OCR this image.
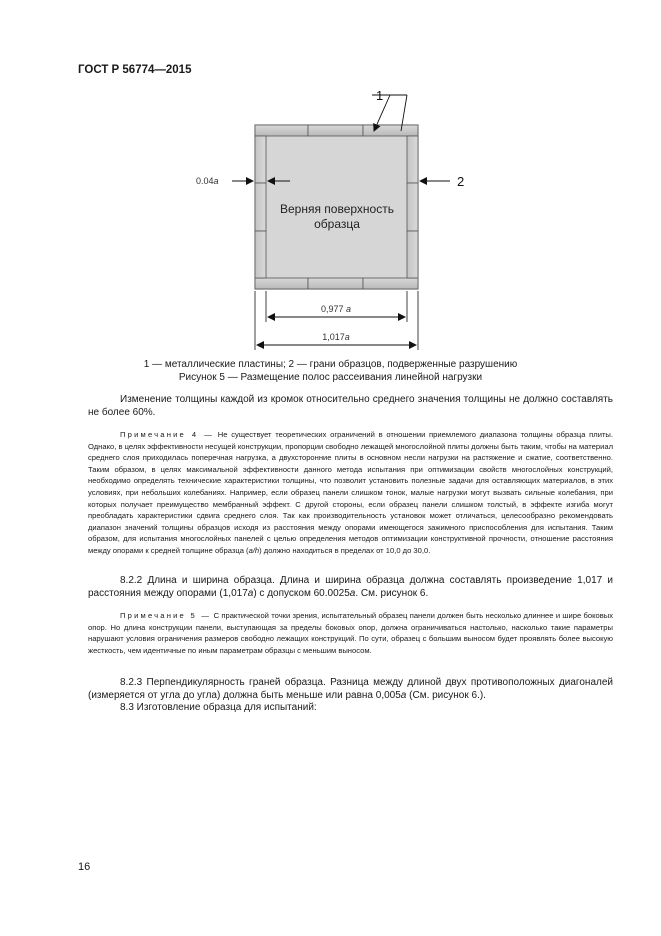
ГОСТ Р 56774—2015
Верняя поверхность
образца
1
2
0.04a
0,977 a
1,017a
1 — металлические пластины; 2 — грани образцов, подверженные разрушению
Рисунок 5 — Размещение полос рассеивания линейной нагрузки
Изменение толщины каждой из кромок относительно среднего значения толщины не должно составлять не более 60%.
Примечание 4 — Не существует теоретических ограничений в отношении приемлемого диапазона толщины образца плиты. Однако, в целях эффективности несущей конструкции, пропорции свободно лежащей многослойной плиты должны быть таким, чтобы на материал среднего слоя приходилась поперечная нагрузка, а двухсторонние плиты в основном несли нагрузки на растяжение и сжатие, соответственно. Таким образом, в целях максимальной эффективности данного метода испытания при оптимизации свойств многослойных конструкций, необходимо определять технические характеристики толщины, что позволит установить полезные задачи для оставляющих материалов, в этих условиях, при небольших колебаниях. Например, если образец панели слишком тонок, малые нагрузки могут вызвать сильные колебания, при которых получает преимущество мембранный эффект. С другой стороны, если образец панели слишком толстый, в эффекте изгиба могут преобладать характеристики сдвига среднего слоя. Так как производительность установок может отличаться, целесообразно рекомендовать диапазон значений толщины образцов исходя из расстояния между опорами имеющегося зажимного приспособления для испытания. Таким образом, для испытания многослойных панелей с целью определения методов оптимизации конструктивной прочности, отношение расстояния между опорами к средней толщине образца (a/h) должно находиться в пределах от 10,0 до 30,0.
8.2.2 Длина и ширина образца. Длина и ширина образца должна составлять произведение 1,017 и расстояния между опорами (1,017a) с допуском 60.0025a. См. рисунок 6.
Примечание 5 — С практической точки зрения, испытательный образец панели должен быть несколько длиннее и шире боковых опор. Но длина конструкции панели, выступающая за пределы боковых опор, должна ограничиваться настолько, насколько такие параметры нарушают условия ограничения размеров свободно лежащих конструкций. По сути, образец с большим выносом будет проявлять более высокую жесткость, чем идентичные по иным параметрам образцы с меньшим выносом.
8.2.3 Перпендикулярность граней образца. Разница между длиной двух противоположных диагоналей (измеряется от угла до угла) должна быть меньше или равна 0,005a (См. рисунок 6.).
8.3 Изготовление образца для испытаний:
16
